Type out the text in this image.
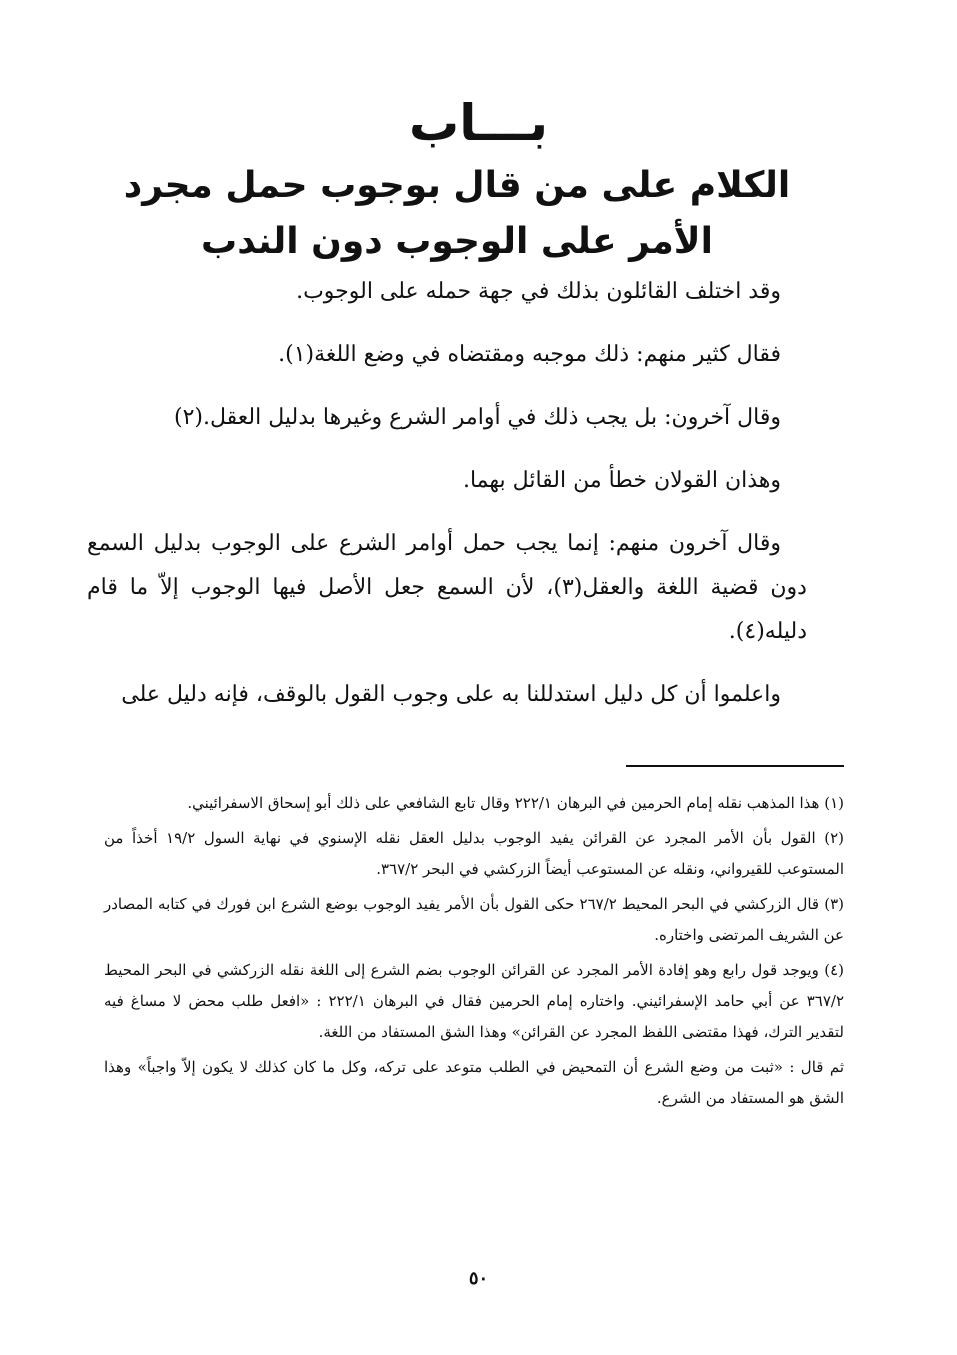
بـــاب
الكلام على من قال بوجوب حمل مجرد الأمر على الوجوب دون الندب

وقد اختلف القائلون بذلك في جهة حمله على الوجوب.

فقال كثير منهم: ذلك موجبه ومقتضاه في وضع اللغة(١).

وقال آخرون: بل يجب ذلك في أوامر الشرع وغيرها بدليل العقل.(٢)

وهذان القولان خطأ من القائل بهما.

وقال آخرون منهم: إنما يجب حمل أوامر الشرع على الوجوب بدليل السمع دون قضية اللغة والعقل(٣)، لأن السمع جعل الأصل فيها الوجوب إلاّ ما قام دليله(٤).

واعلموا أن كل دليل استدللنا به على وجوب القول بالوقف، فإنه دليل على

(١) هذا المذهب نقله إمام الحرمين في البرهان ٢٢٢/١ وقال تابع الشافعي على ذلك أبو إسحاق الاسفرائيني.

(٢) القول بأن الأمر المجرد عن القرائن يفيد الوجوب بدليل العقل نقله الإسنوي في نهاية السول ١٩/٢ أخذاً من المستوعب للقيرواني، ونقله عن المستوعب أيضاً الزركشي في البحر ٣٦٧/٢.

(٣) قال الزركشي في البحر المحيط ٢٦٧/٢ حكى القول بأن الأمر يفيد الوجوب بوضع الشرع ابن فورك في كتابه المصادر عن الشريف المرتضى واختاره.

(٤) ويوجد قول رابع وهو إفادة الأمر المجرد عن القرائن الوجوب بضم الشرع إلى اللغة نقله الزركشي في البحر المحيط ٣٦٧/٢ عن أبي حامد الإسفرائيني. واختاره إمام الحرمين فقال في البرهان ٢٢٢/١ : «افعل طلب محض لا مساغ فيه لتقدير الترك، فهذا مقتضى اللفظ المجرد عن القرائن» وهذا الشق المستفاد من اللغة.

ثم قال : «ثبت من وضع الشرع أن التمحيض في الطلب متوعد على تركه، وكل ما كان كذلك لا يكون إلاّ واجباً» وهذا الشق هو المستفاد من الشرع.

٥٠
